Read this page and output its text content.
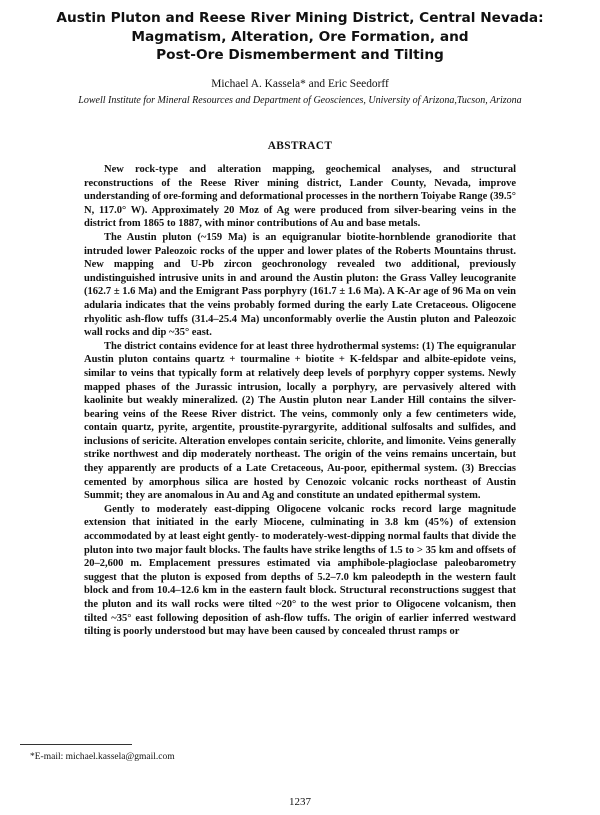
Austin Pluton and Reese River Mining District, Central Nevada:
Magmatism, Alteration, Ore Formation, and
Post-Ore Dismemberment and Tilting
Michael A. Kassela* and Eric Seedorff
Lowell Institute for Mineral Resources and Department of Geosciences, University of Arizona,Tucson, Arizona
ABSTRACT

New rock-type and alteration mapping, geochemical analyses, and structural reconstructions of the Reese River mining district, Lander County, Nevada, improve understanding of ore-forming and deformational processes in the northern Toiyabe Range (39.5° N, 117.0° W). Approximately 20 Moz of Ag were produced from silver-bearing veins in the district from 1865 to 1887, with minor contributions of Au and base metals.

The Austin pluton (~159 Ma) is an equigranular biotite-hornblende granodiorite that intruded lower Paleozoic rocks of the upper and lower plates of the Roberts Mountains thrust. New mapping and U-Pb zircon geochronology revealed two additional, previously undistinguished intrusive units in and around the Austin pluton: the Grass Valley leucogranite (162.7 ± 1.6 Ma) and the Emigrant Pass porphyry (161.7 ± 1.6 Ma). A K-Ar age of 96 Ma on vein adularia indicates that the veins probably formed during the early Late Cretaceous. Oligocene rhyolitic ash-flow tuffs (31.4–25.4 Ma) unconformably overlie the Austin pluton and Paleozoic wall rocks and dip ~35° east.

The district contains evidence for at least three hydrothermal systems: (1) The equigranular Austin pluton contains quartz + tourmaline + biotite + K-feldspar and albite-epidote veins, similar to veins that typically form at relatively deep levels of porphyry copper systems. Newly mapped phases of the Jurassic intrusion, locally a porphyry, are pervasively altered with kaolinite but weakly mineralized. (2) The Austin pluton near Lander Hill contains the silver-bearing veins of the Reese River district. The veins, commonly only a few centimeters wide, contain quartz, pyrite, argentite, proustite-pyrargyrite, additional sulfosalts and sulfides, and inclusions of sericite. Alteration envelopes contain sericite, chlorite, and limonite. Veins generally strike northwest and dip moderately northeast. The origin of the veins remains uncertain, but they apparently are products of a Late Cretaceous, Au-poor, epithermal system. (3) Breccias cemented by amorphous silica are hosted by Cenozoic volcanic rocks northeast of Austin Summit; they are anomalous in Au and Ag and constitute an undated epithermal system.

Gently to moderately east-dipping Oligocene volcanic rocks record large magnitude extension that initiated in the early Miocene, culminating in 3.8 km (45%) of extension accommodated by at least eight gently- to moderately-west-dipping normal faults that divide the pluton into two major fault blocks. The faults have strike lengths of 1.5 to > 35 km and offsets of 20–2,600 m. Emplacement pressures estimated via amphibole-plagioclase paleobarometry suggest that the pluton is exposed from depths of 5.2–7.0 km paleodepth in the western fault block and from 10.4–12.6 km in the eastern fault block. Structural reconstructions suggest that the pluton and its wall rocks were tilted ~20° to the west prior to Oligocene volcanism, then tilted ~35° east following deposition of ash-flow tuffs. The origin of earlier inferred westward tilting is poorly understood but may have been caused by concealed thrust ramps or

*E-mail: michael.kassela@gmail.com
1237
